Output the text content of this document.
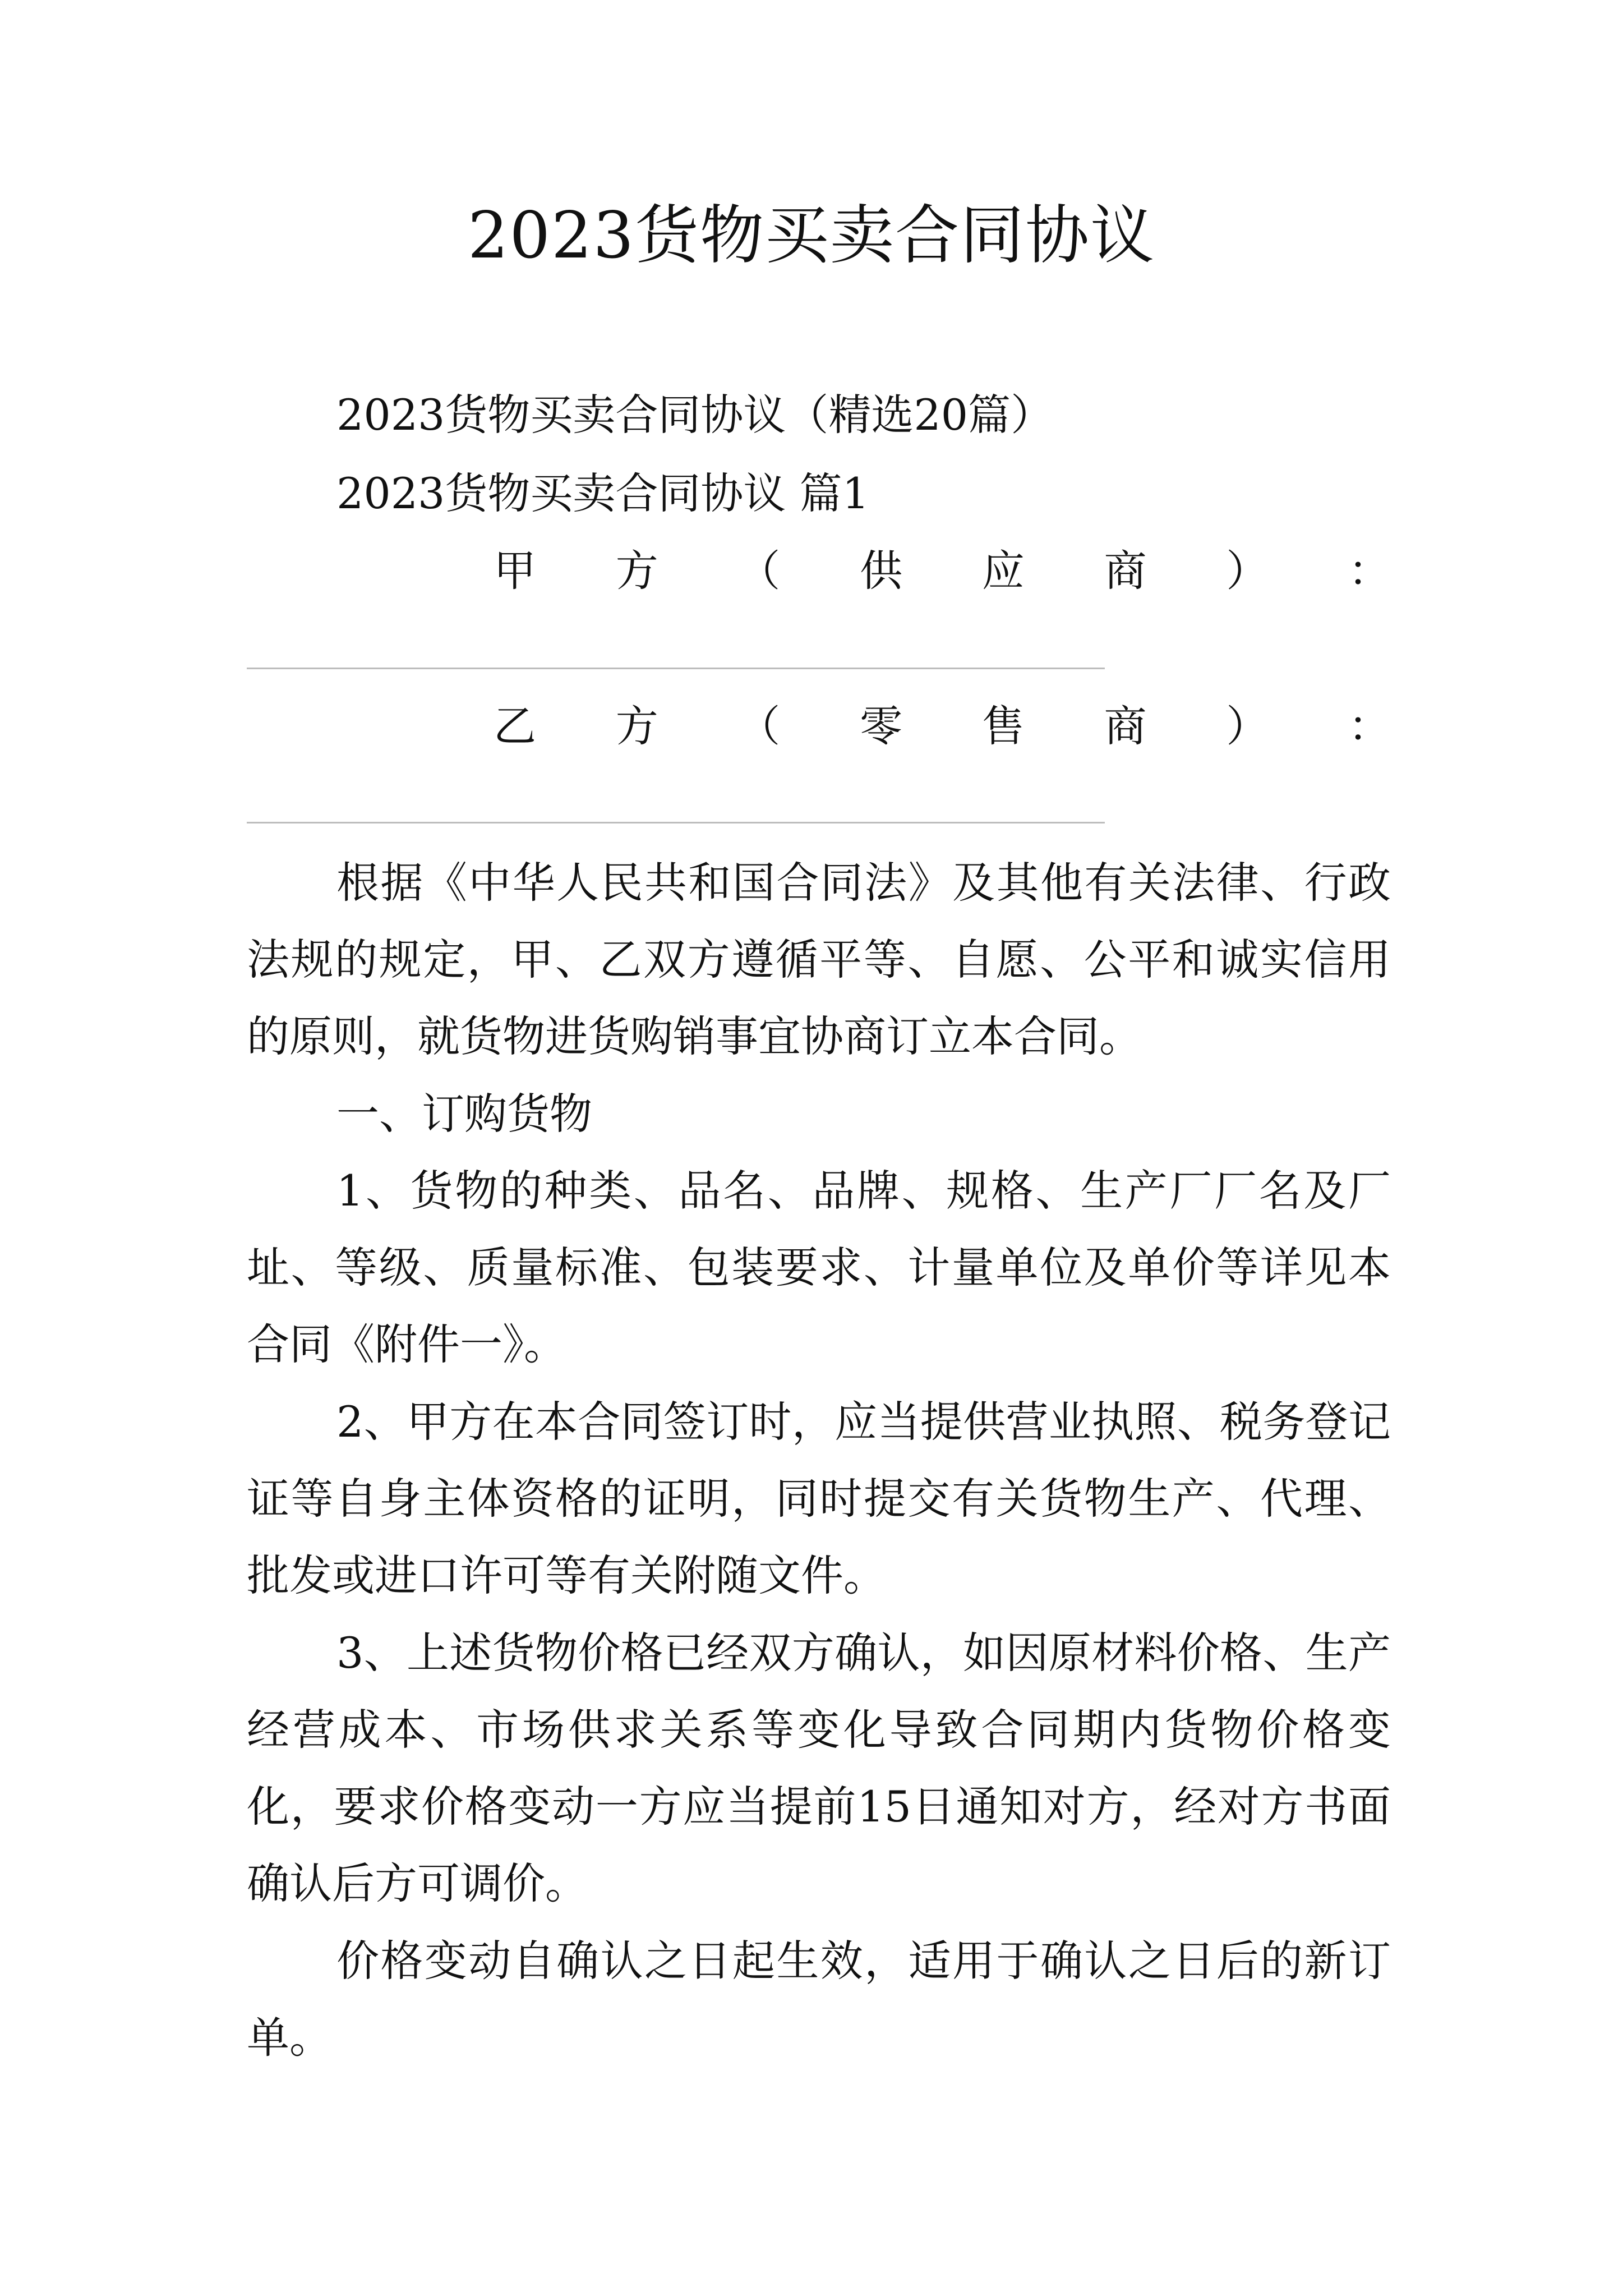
2023货物买卖合同协议

2023货物买卖合同协议（精选20篇）

2023货物买卖合同协议 篇1

甲 方 （ 供 应 商 ） ：
乙 方 （ 零 售 商 ） ：

根据《中华人民共和国合同法》及其他有关法律、行政法规的规定，甲、乙双方遵循平等、自愿、公平和诚实信用的原则，就货物进货购销事宜协商订立本合同。

一、订购货物

1、货物的种类、品名、品牌、规格、生产厂厂名及厂址、等级、质量标准、包装要求、计量单位及单价等详见本合同《附件一》。

2、甲方在本合同签订时，应当提供营业执照、税务登记证等自身主体资格的证明，同时提交有关货物生产、代理、批发或进口许可等有关附随文件。

3、上述货物价格已经双方确认，如因原材料价格、生产经营成本、市场供求关系等变化导致合同期内货物价格变化，要求价格变动一方应当提前15日通知对方，经对方书面确认后方可调价。

价格变动自确认之日起生效，适用于确认之日后的新订单。
